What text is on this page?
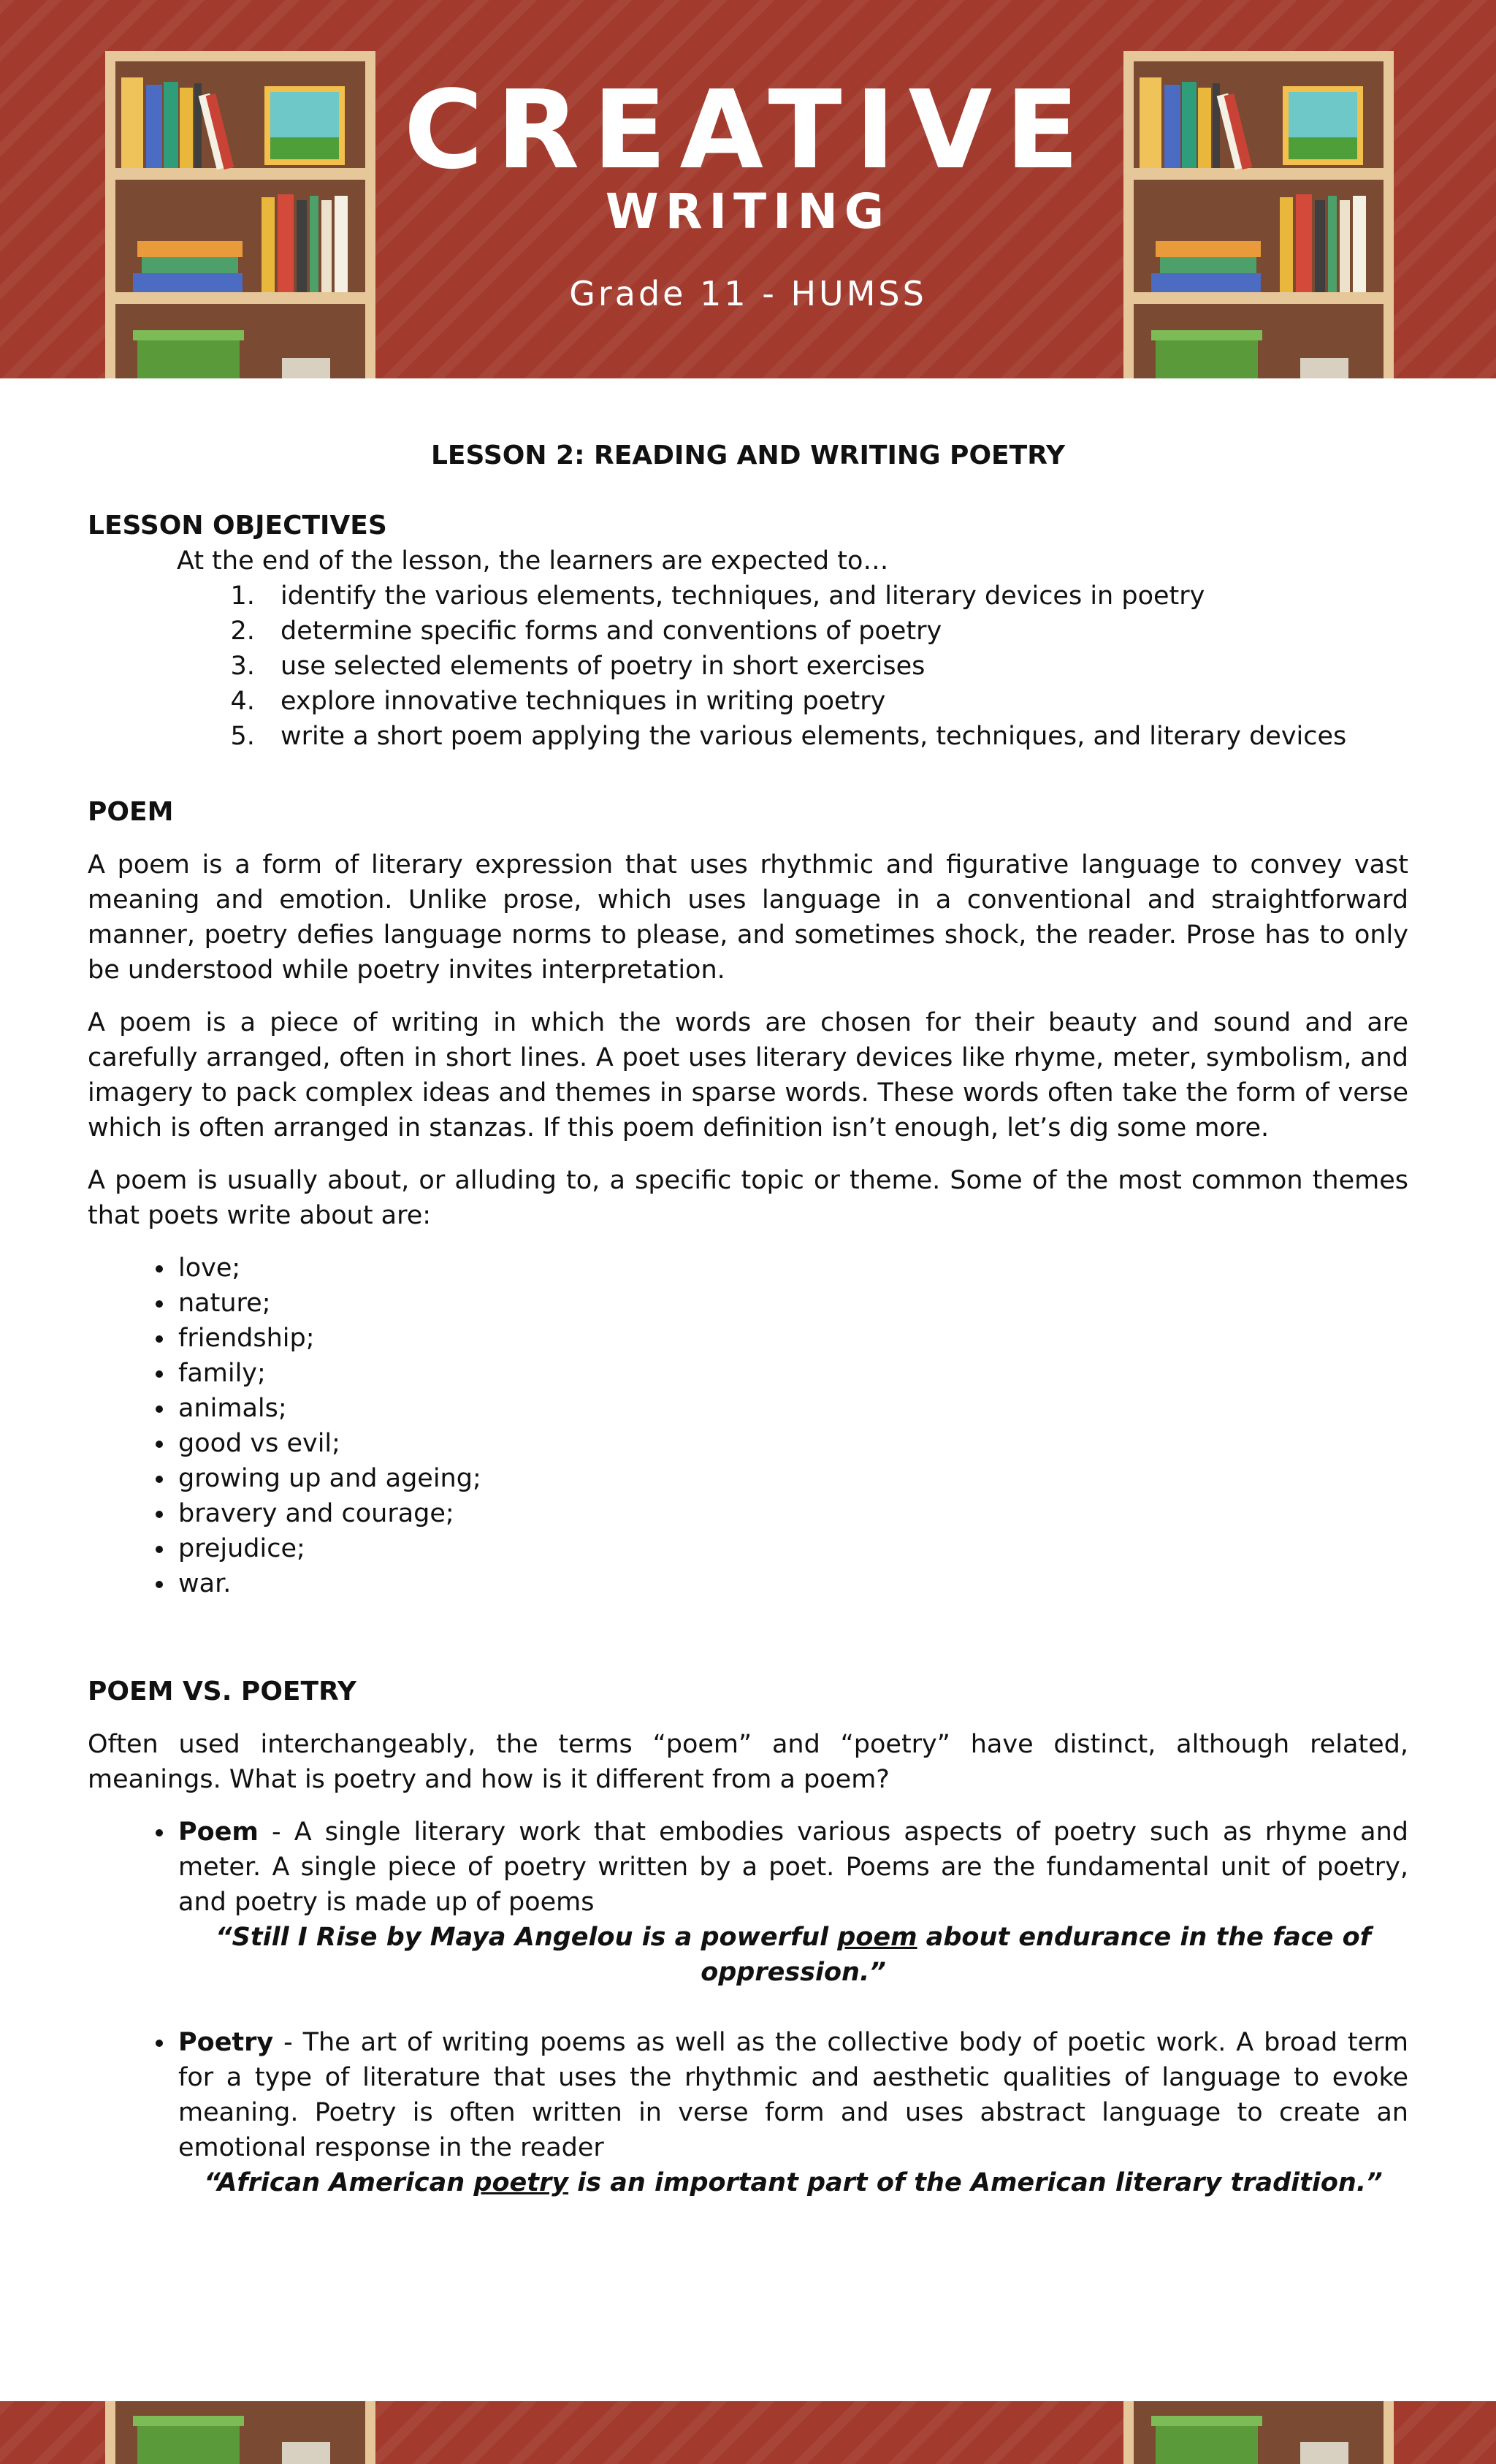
CREATIVE
WRITING
Grade 11 - HUMSS
LESSON 2: READING AND WRITING POETRY
LESSON OBJECTIVES
At the end of the lesson, the learners are expected to…
1. identify the various elements, techniques, and literary devices in poetry
2. determine specific forms and conventions of poetry
3. use selected elements of poetry in short exercises
4. explore innovative techniques in writing poetry
5. write a short poem applying the various elements, techniques, and literary devices
POEM

A poem is a form of literary expression that uses rhythmic and figurative language to convey vast meaning and emotion. Unlike prose, which uses language in a conventional and straightforward manner, poetry defies language norms to please, and sometimes shock, the reader. Prose has to only be understood while poetry invites interpretation.

A poem is a piece of writing in which the words are chosen for their beauty and sound and are carefully arranged, often in short lines. A poet uses literary devices like rhyme, meter, symbolism, and imagery to pack complex ideas and themes in sparse words. These words often take the form of verse which is often arranged in stanzas. If this poem definition isn’t enough, let’s dig some more.

A poem is usually about, or alluding to, a specific topic or theme. Some of the most common themes that poets write about are:

• love;
• nature;
• friendship;
• family;
• animals;
• good vs evil;
• growing up and ageing;
• bravery and courage;
• prejudice;
• war.
POEM VS. POETRY

Often used interchangeably, the terms “poem” and “poetry” have distinct, although related, meanings. What is poetry and how is it different from a poem?

• Poem - A single literary work that embodies various aspects of poetry such as rhyme and meter. A single piece of poetry written by a poet. Poems are the fundamental unit of poetry, and poetry is made up of poems

“Still I Rise by Maya Angelou is a powerful poem about endurance in the face of oppression.”

• Poetry - The art of writing poems as well as the collective body of poetic work. A broad term for a type of literature that uses the rhythmic and aesthetic qualities of language to evoke meaning. Poetry is often written in verse form and uses abstract language to create an emotional response in the reader

“African American poetry is an important part of the American literary tradition.”
